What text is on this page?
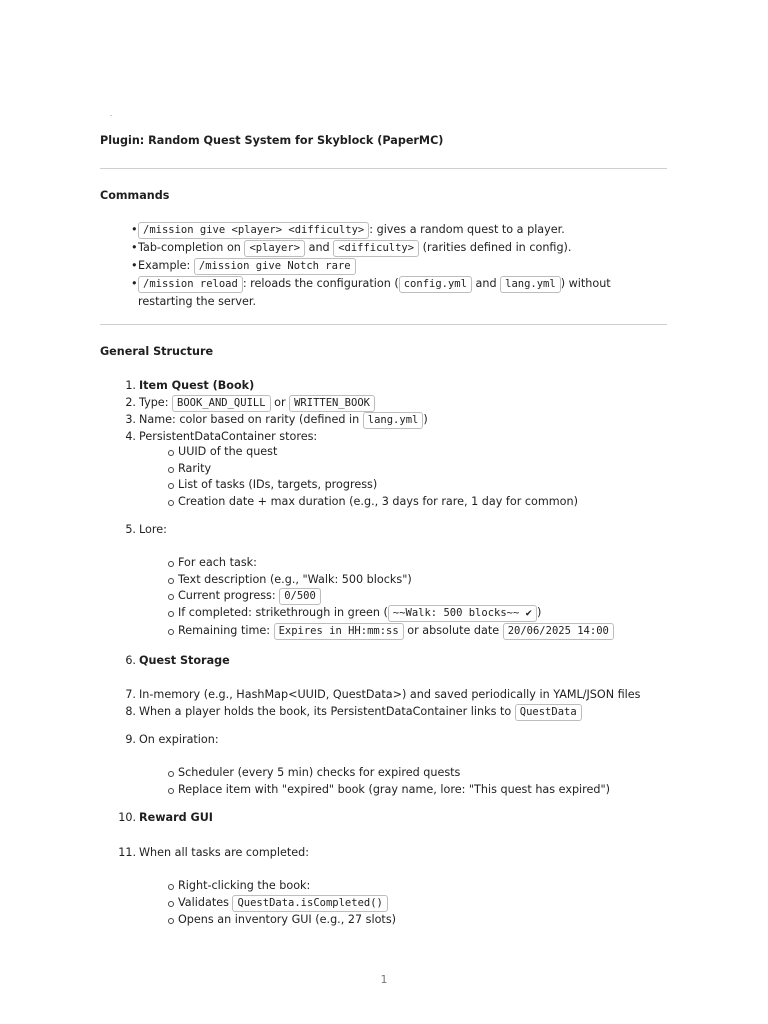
-
Plugin: Random Quest System for Skyblock (PaperMC)
Commands
• /mission give <player> <difficulty> : gives a random quest to a player.
• Tab-completion on <player> and <difficulty> (rarities defined in config).
• Example: /mission give Notch rare
• /mission reload : reloads the configuration ( config.yml and lang.yml ) without
restarting the server.
General Structure
1. Item Quest (Book)
2. Type: BOOK_AND_QUILL or WRITTEN_BOOK
3. Name: color based on rarity (defined in lang.yml )
4. PersistentDataContainer stores:
UUID of the quest
Rarity
List of tasks (IDs, targets, progress)
Creation date + max duration (e.g., 3 days for rare, 1 day for common)
5. Lore:
For each task:
Text description (e.g., "Walk: 500 blocks")
Current progress: 0/500
If completed: strikethrough in green ( ~~Walk: 500 blocks~~ ✔ )
Remaining time: Expires in HH:mm:ss or absolute date 20/06/2025 14:00
6. Quest Storage
7. In-memory (e.g., HashMap<UUID, QuestData>) and saved periodically in YAML/JSON files
8. When a player holds the book, its PersistentDataContainer links to QuestData
9. On expiration:
Scheduler (every 5 min) checks for expired quests
Replace item with "expired" book (gray name, lore: "This quest has expired")
10. Reward GUI
11. When all tasks are completed:
Right-clicking the book:
Validates QuestData.isCompleted()
Opens an inventory GUI (e.g., 27 slots)
1
